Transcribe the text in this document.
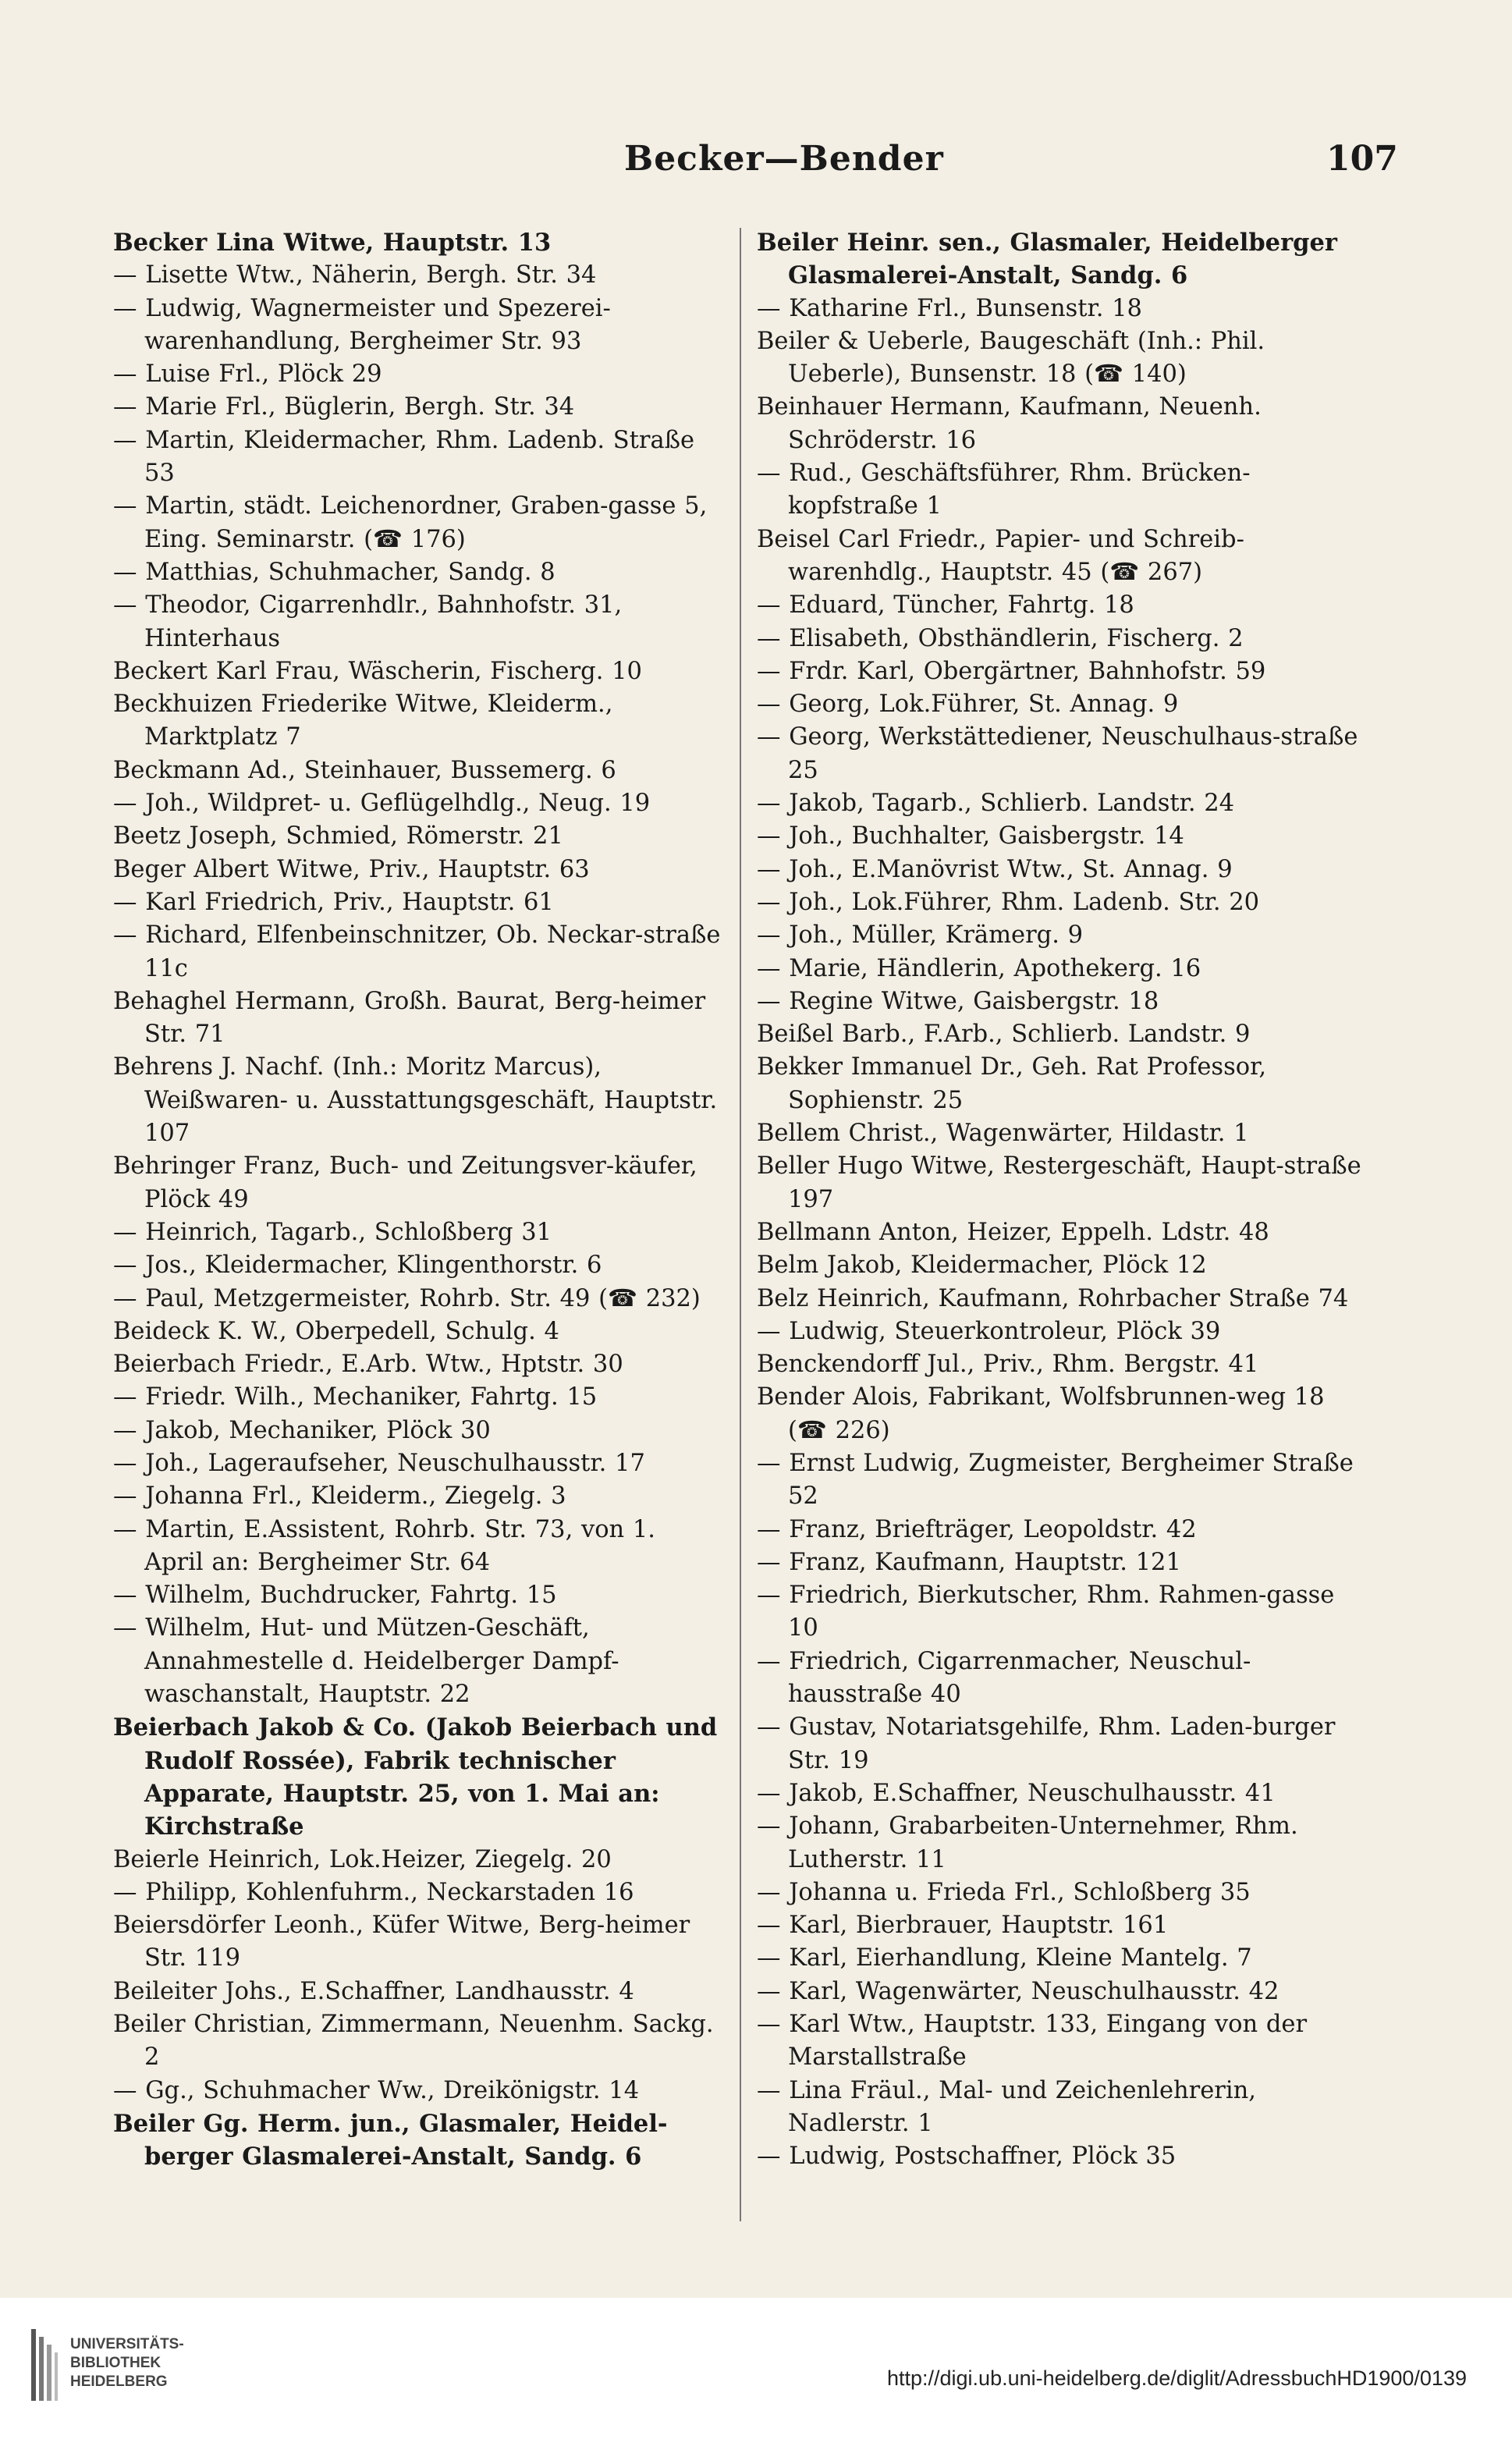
Becker—Bender	107
Becker Lina Witwe, Hauptstr. 13
— Lisette Wtw., Näherin, Bergh. Str. 34
— Ludwig, Wagnermeister und Spezerei-warenhandlung, Bergheimer Str. 93
— Luise Frl., Plöck 29
— Marie Frl., Büglerin, Bergh. Str. 34
— Martin, Kleidermacher, Rhm. Ladenb. Straße 53
— Martin, städt. Leichenordner, Graben-gasse 5, Eing. Seminarstr. (☎ 176)
— Matthias, Schuhmacher, Sandg. 8
— Theodor, Cigarrenhdlr., Bahnhofstr. 31, Hinterhaus
Beckert Karl Frau, Wäscherin, Fischerg. 10
Beckhuizen Friederike Witwe, Kleiderm., Marktplatz 7
Beckmann Ad., Steinhauer, Bussemerg. 6
— Joh., Wildpret- u. Geflügelhdlg., Neug. 19
Beetz Joseph, Schmied, Römerstr. 21
Beger Albert Witwe, Priv., Hauptstr. 63
— Karl Friedrich, Priv., Hauptstr. 61
— Richard, Elfenbeinschnitzer, Ob. Neckar-straße 11c
Behaghel Hermann, Großh. Baurat, Berg-heimer Str. 71
Behrens J. Nachf. (Inh.: Moritz Marcus), Weißwaren- u. Ausstattungsgeschäft, Hauptstr. 107
Behringer Franz, Buch- und Zeitungsver-käufer, Plöck 49
— Heinrich, Tagarb., Schloßberg 31
— Jos., Kleidermacher, Klingenthorstr. 6
— Paul, Metzgermeister, Rohrb. Str. 49 (☎ 232)
Beideck K. W., Oberpedell, Schulg. 4
Beierbach Friedr., E.Arb. Wtw., Hptstr. 30
— Friedr. Wilh., Mechaniker, Fahrtg. 15
— Jakob, Mechaniker, Plöck 30
— Joh., Lageraufseher, Neuschulhausstr. 17
— Johanna Frl., Kleiderm., Ziegelg. 3
— Martin, E.Assistent, Rohrb. Str. 73, von 1. April an: Bergheimer Str. 64
— Wilhelm, Buchdrucker, Fahrtg. 15
— Wilhelm, Hut- und Mützen-Geschäft, Annahmestelle d. Heidelberger Dampf-waschanstalt, Hauptstr. 22
Beierbach Jakob & Co. (Jakob Beierbach und Rudolf Rossée), Fabrik technischer Apparate, Hauptstr. 25, von 1. Mai an: Kirchstraße
Beierle Heinrich, Lok.Heizer, Ziegelg. 20
— Philipp, Kohlenfuhrm., Neckarstaden 16
Beiersdörfer Leonh., Küfer Witwe, Berg-heimer Str. 119
Beileiter Johs., E.Schaffner, Landhausstr. 4
Beiler Christian, Zimmermann, Neuenhm. Sackg. 2
— Gg., Schuhmacher Ww., Dreikönigstr. 14
Beiler Gg. Herm. jun., Glasmaler, Heidel-berger Glasmalerei-Anstalt, Sandg. 6
Beiler Heinr. sen., Glasmaler, Heidelberger Glasmalerei-Anstalt, Sandg. 6
— Katharine Frl., Bunsenstr. 18
Beiler & Ueberle, Baugeschäft (Inh.: Phil. Ueberle), Bunsenstr. 18 (☎ 140)
Beinhauer Hermann, Kaufmann, Neuenh. Schröderstr. 16
— Rud., Geschäftsführer, Rhm. Brücken-kopfstraße 1
Beisel Carl Friedr., Papier- und Schreib-warenhdlg., Hauptstr. 45 (☎ 267)
— Eduard, Tüncher, Fahrtg. 18
— Elisabeth, Obsthändlerin, Fischerg. 2
— Frdr. Karl, Obergärtner, Bahnhofstr. 59
— Georg, Lok.Führer, St. Annag. 9
— Georg, Werkstättediener, Neuschulhaus-straße 25
— Jakob, Tagarb., Schlierb. Landstr. 24
— Joh., Buchhalter, Gaisbergstr. 14
— Joh., E.Manövrist Wtw., St. Annag. 9
— Joh., Lok.Führer, Rhm. Ladenb. Str. 20
— Joh., Müller, Krämerg. 9
— Marie, Händlerin, Apothekerg. 16
— Regine Witwe, Gaisbergstr. 18
Beißel Barb., F.Arb., Schlierb. Landstr. 9
Bekker Immanuel Dr., Geh. Rat Professor, Sophienstr. 25
Bellem Christ., Wagenwärter, Hildastr. 1
Beller Hugo Witwe, Restergeschäft, Haupt-straße 197
Bellmann Anton, Heizer, Eppelh. Ldstr. 48
Belm Jakob, Kleidermacher, Plöck 12
Belz Heinrich, Kaufmann, Rohrbacher Straße 74
— Ludwig, Steuerkontroleur, Plöck 39
Benckendorff Jul., Priv., Rhm. Bergstr. 41
Bender Alois, Fabrikant, Wolfsbrunnen-weg 18 (☎ 226)
— Ernst Ludwig, Zugmeister, Bergheimer Straße 52
— Franz, Briefträger, Leopoldstr. 42
— Franz, Kaufmann, Hauptstr. 121
— Friedrich, Bierkutscher, Rhm. Rahmen-gasse 10
— Friedrich, Cigarrenmacher, Neuschul-hausstraße 40
— Gustav, Notariatsgehilfe, Rhm. Laden-burger Str. 19
— Jakob, E.Schaffner, Neuschulhausstr. 41
— Johann, Grabarbeiten-Unternehmer, Rhm. Lutherstr. 11
— Johanna u. Frieda Frl., Schloßberg 35
— Karl, Bierbrauer, Hauptstr. 161
— Karl, Eierhandlung, Kleine Mantelg. 7
— Karl, Wagenwärter, Neuschulhausstr. 42
— Karl Wtw., Hauptstr. 133, Eingang von der Marstallstraße
— Lina Fräul., Mal- und Zeichenlehrerin, Nadlerstr. 1
— Ludwig, Postschaffner, Plöck 35
UNIVERSITÄTS-
BIBLIOTHEK
HEIDELBERG	http://digi.ub.uni-heidelberg.de/diglit/AdressbuchHD1900/0139
